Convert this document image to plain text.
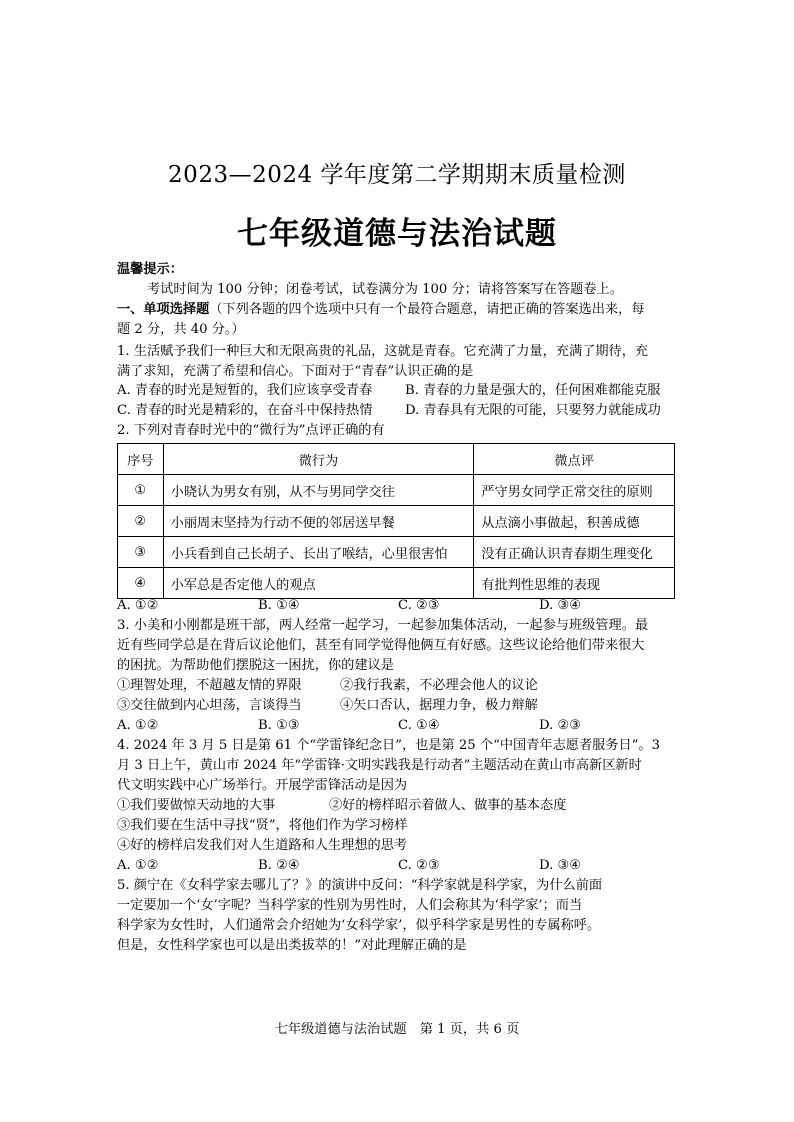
2023—2024 学年度第二学期期末质量检测
七年级道德与法治试题
温馨提示：
考试时间为 100 分钟；闭卷考试，试卷满分为 100 分；请将答案写在答题卷上。
一、单项选择题（下列各题的四个选项中只有一个最符合题意，请把正确的答案选出来，每
题 2 分，共 40 分。）
1. 生活赋予我们一种巨大和无限高贵的礼品，这就是青春。它充满了力量，充满了期待，充
满了求知，充满了希望和信心。下面对于“青春”认识正确的是
A. 青春的时光是短暂的，我们应该享受青春 B. 青春的力量是强大的，任何困难都能克服
C. 青春的时光是精彩的，在奋斗中保持热情 D. 青春具有无限的可能，只要努力就能成功
2. 下列对青春时光中的“微行为”点评正确的有
序号	微行为	微点评
①	小晓认为男女有别，从不与男同学交往	严守男女同学正常交往的原则
②	小丽周末坚持为行动不便的邻居送早餐	从点滴小事做起，积善成德
③	小兵看到自己长胡子、长出了喉结，心里很害怕	没有正确认识青春期生理变化
④	小军总是否定他人的观点	有批判性思维的表现
A. ①②	B. ①④	C. ②③	D. ③④
3. 小美和小刚都是班干部，两人经常一起学习，一起参加集体活动，一起参与班级管理。最
近有些同学总是在背后议论他们，甚至有同学觉得他俩互有好感。这些议论给他们带来很大
的困扰。为帮助他们摆脱这一困扰，你的建议是
①理智处理，不超越友情的界限	②我行我素，不必理会他人的议论
③交往做到内心坦荡，言谈得当	④矢口否认，据理力争，极力辩解
A. ①②	B. ①③	C. ①④	D. ②③
4. 2024 年 3 月 5 日是第 61 个“学雷锋纪念日”，也是第 25 个“中国青年志愿者服务日”。3
月 3 日上午，黄山市 2024 年“学雷锋·文明实践我是行动者”主题活动在黄山市高新区新时
代文明实践中心广场举行。开展学雷锋活动是因为
①我们要做惊天动地的大事	②好的榜样昭示着做人、做事的基本态度
③我们要在生活中寻找“贤”，将他们作为学习榜样
④好的榜样启发我们对人生道路和人生理想的思考
A. ①②	B. ②④	C. ②③	D. ③④
5. 颜宁在《女科学家去哪儿了？》的演讲中反问：“科学家就是科学家，为什么前面
一定要加一个‘女’字呢？当科学家的性别为男性时，人们会称其为‘科学家’；而当
科学家为女性时，人们通常会介绍她为‘女科学家’，似乎科学家是男性的专属称呼。
但是，女性科学家也可以是出类拔萃的！”对此理解正确的是
七年级道德与法治试题　第 1 页，共 6 页
